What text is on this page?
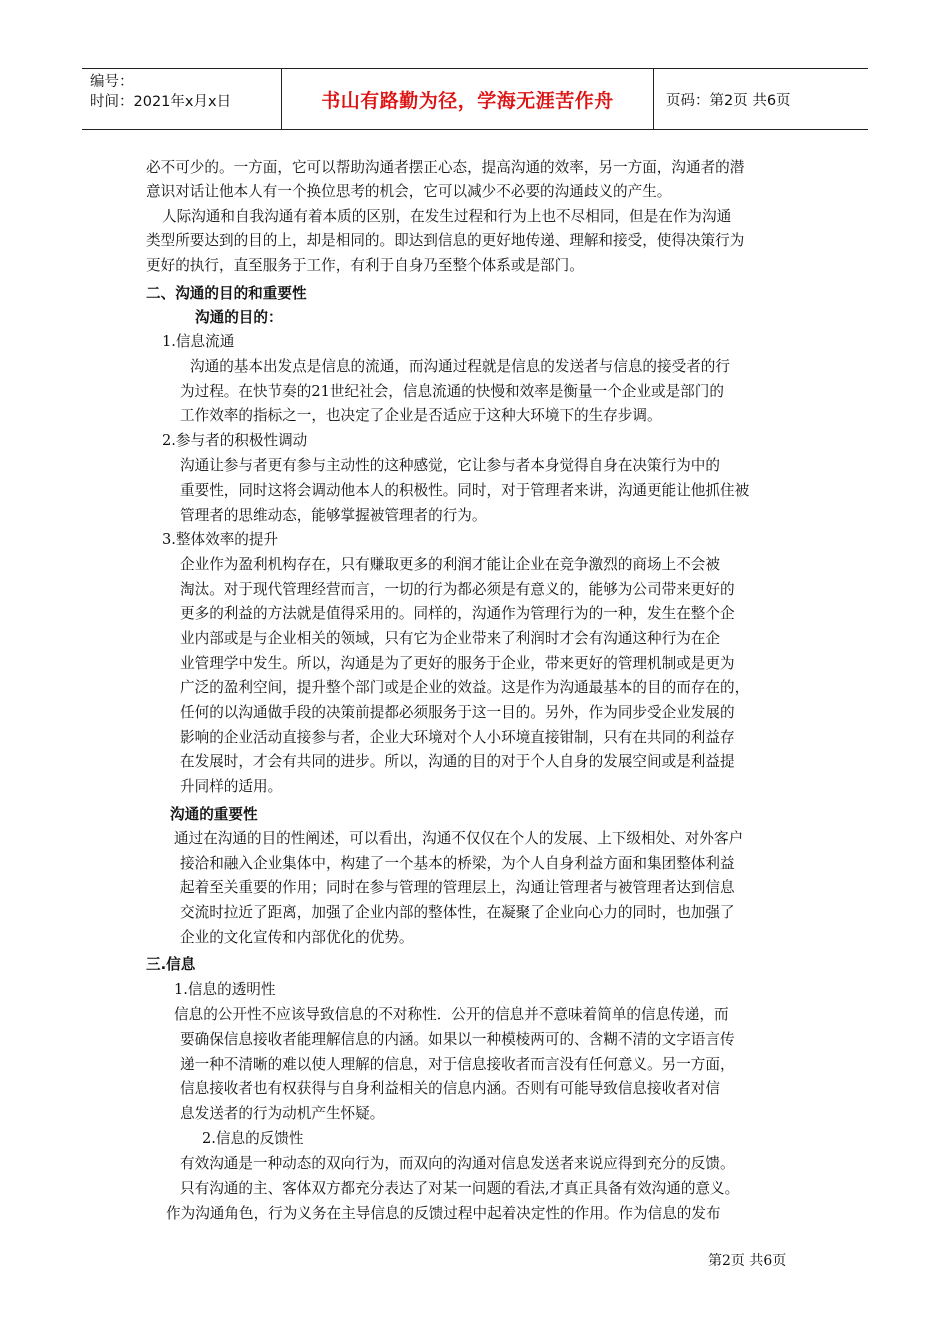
编号：
时间：2021年x月x日	书山有路勤为径，学海无涯苦作舟	页码：第2页 共6页
必不可少的。一方面，它可以帮助沟通者摆正心态，提高沟通的效率，另一方面，沟通者的潜
意识对话让他本人有一个换位思考的机会，它可以减少不必要的沟通歧义的产生。
人际沟通和自我沟通有着本质的区别，在发生过程和行为上也不尽相同，但是在作为沟通
类型所要达到的目的上，却是相同的。即达到信息的更好地传递、理解和接受，使得决策行为
更好的执行，直至服务于工作，有利于自身乃至整个体系或是部门。
二、沟通的目的和重要性
沟通的目的：
1.信息流通
沟通的基本出发点是信息的流通，而沟通过程就是信息的发送者与信息的接受者的行
为过程。在快节奏的21世纪社会，信息流通的快慢和效率是衡量一个企业或是部门的
工作效率的指标之一，也决定了企业是否适应于这种大环境下的生存步调。
2.参与者的积极性调动
沟通让参与者更有参与主动性的这种感觉，它让参与者本身觉得自身在决策行为中的
重要性，同时这将会调动他本人的积极性。同时，对于管理者来讲，沟通更能让他抓住被
管理者的思维动态，能够掌握被管理者的行为。
3.整体效率的提升
企业作为盈利机构存在，只有赚取更多的利润才能让企业在竞争激烈的商场上不会被
淘汰。对于现代管理经营而言，一切的行为都必须是有意义的，能够为公司带来更好的
更多的利益的方法就是值得采用的。同样的，沟通作为管理行为的一种，发生在整个企
业内部或是与企业相关的领域，只有它为企业带来了利润时才会有沟通这种行为在企
业管理学中发生。所以，沟通是为了更好的服务于企业，带来更好的管理机制或是更为
广泛的盈利空间，提升整个部门或是企业的效益。这是作为沟通最基本的目的而存在的，
任何的以沟通做手段的决策前提都必须服务于这一目的。另外，作为同步受企业发展的
影响的企业活动直接参与者，企业大环境对个人小环境直接钳制，只有在共同的利益存
在发展时，才会有共同的进步。所以，沟通的目的对于个人自身的发展空间或是利益提
升同样的适用。
沟通的重要性
通过在沟通的目的性阐述，可以看出，沟通不仅仅在个人的发展、上下级相处、对外客户
接洽和融入企业集体中，构建了一个基本的桥梁，为个人自身利益方面和集团整体利益
起着至关重要的作用；同时在参与管理的管理层上，沟通让管理者与被管理者达到信息
交流时拉近了距离，加强了企业内部的整体性，在凝聚了企业向心力的同时，也加强了
企业的文化宣传和内部优化的优势。
三.信息
1.信息的透明性
信息的公开性不应该导致信息的不对称性．公开的信息并不意味着简单的信息传递，而
要确保信息接收者能理解信息的内涵。如果以一种模棱两可的、含糊不清的文字语言传
递一种不清晰的难以使人理解的信息，对于信息接收者而言没有任何意义。另一方面，
信息接收者也有权获得与自身利益相关的信息内涵。否则有可能导致信息接收者对信
息发送者的行为动机产生怀疑。
2.信息的反馈性
有效沟通是一种动态的双向行为，而双向的沟通对信息发送者来说应得到充分的反馈。
只有沟通的主、客体双方都充分表达了对某一问题的看法,才真正具备有效沟通的意义。
作为沟通角色，行为义务在主导信息的反馈过程中起着决定性的作用。作为信息的发布
第2页 共6页
